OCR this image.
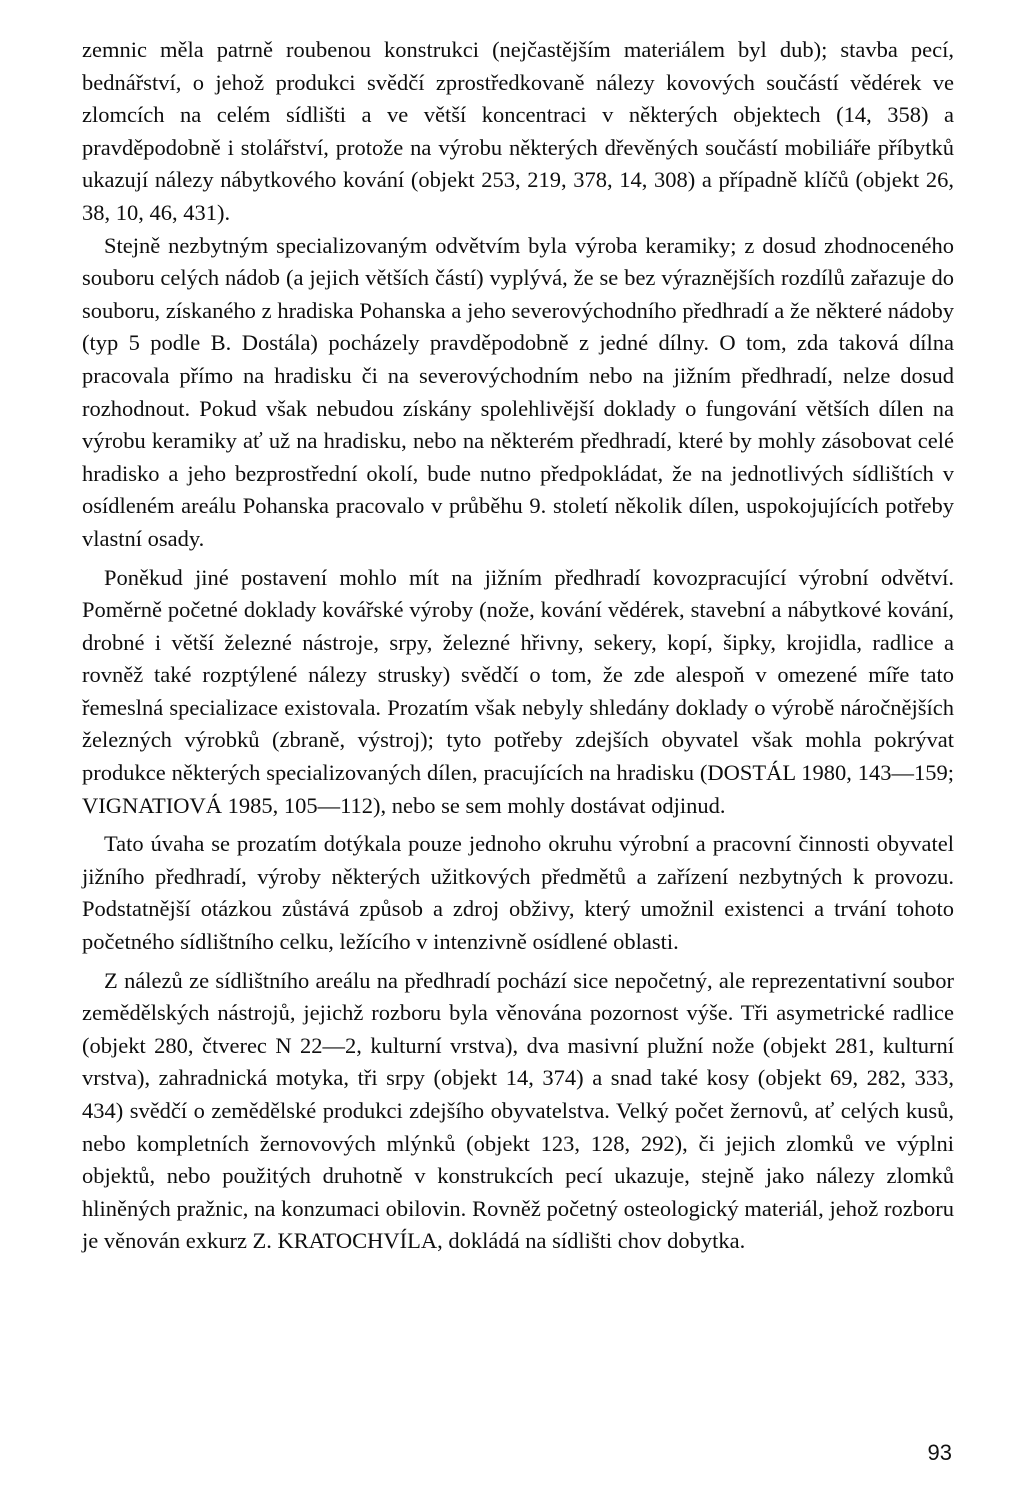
zemnic měla patrně roubenou konstrukci (nejčastějším materiálem byl dub); stavba pecí, bednářství, o jehož produkci svědčí zprostředkovaně nálezy kovových součástí vědérek ve zlomcích na celém sídlišti a ve větší koncentraci v některých objektech (14, 358) a pravděpodobně i stolářství, protože na výrobu některých dřevěných součástí mobiliáře příbytků ukazují nálezy nábytkového kování (objekt 253, 219, 378, 14, 308) a případně klíčů (objekt 26, 38, 10, 46, 431).

Stejně nezbytným specializovaným odvětvím byla výroba keramiky; z dosud zhodnoceného souboru celých nádob (a jejich větších částí) vyplývá, že se bez výraznějších rozdílů zařazuje do souboru, získaného z hradiska Pohanska a jeho severovýchodního předhradí a že některé nádoby (typ 5 podle B. Dostála) pocházely pravděpodobně z jedné dílny. O tom, zda taková dílna pracovala přímo na hradisku či na severovýchodním nebo na jižním předhradí, nelze dosud rozhodnout. Pokud však nebudou získány spolehlivější doklady o fungování větších dílen na výrobu keramiky ať už na hradisku, nebo na některém předhradí, které by mohly zásobovat celé hradisko a jeho bezprostřední okolí, bude nutno předpokládat, že na jednotlivých sídlištích v osídleném areálu Pohanska pracovalo v průběhu 9. století několik dílen, uspokojujících potřeby vlastní osady.

Poněkud jiné postavení mohlo mít na jižním předhradí kovozpracující výrobní odvětví. Poměrně početné doklady kovářské výroby (nože, kování vědérek, stavební a nábytkové kování, drobné i větší železné nástroje, srpy, železné hřivny, sekery, kopí, šipky, krojidla, radlice a rovněž také rozptýlené nálezy strusky) svědčí o tom, že zde alespoň v omezené míře tato řemeslná specializace existovala. Prozatím však nebyly shledány doklady o výrobě náročnějších železných výrobků (zbraně, výstroj); tyto potřeby zdejších obyvatel však mohla pokrývat produkce některých specializovaných dílen, pracujících na hradisku (DOSTÁL 1980, 143—159; VIGNATIOVÁ 1985, 105—112), nebo se sem mohly dostávat odjinud.

Tato úvaha se prozatím dotýkala pouze jednoho okruhu výrobní a pracovní činnosti obyvatel jižního předhradí, výroby některých užitkových předmětů a zařízení nezbytných k provozu. Podstatnější otázkou zůstává způsob a zdroj obživy, který umožnil existenci a trvání tohoto početného sídlištního celku, ležícího v intenzivně osídlené oblasti.

Z nálezů ze sídlištního areálu na předhradí pochází sice nepočetný, ale reprezentativní soubor zemědělských nástrojů, jejichž rozboru byla věnována pozornost výše. Tři asymetrické radlice (objekt 280, čtverec N 22—2, kulturní vrstva), dva masivní plužní nože (objekt 281, kulturní vrstva), zahradnická motyka, tři srpy (objekt 14, 374) a snad také kosy (objekt 69, 282, 333, 434) svědčí o zemědělské produkci zdejšího obyvatelstva. Velký počet žernovů, ať celých kusů, nebo kompletních žernovových mlýnků (objekt 123, 128, 292), či jejich zlomků ve výplni objektů, nebo použitých druhotně v konstrukcích pecí ukazuje, stejně jako nálezy zlomků hliněných pražnic, na konzumaci obilovin. Rovněž početný osteologický materiál, jehož rozboru je věnován exkurz Z. KRATOCHVÍLA, dokládá na sídlišti chov dobytka.

93
